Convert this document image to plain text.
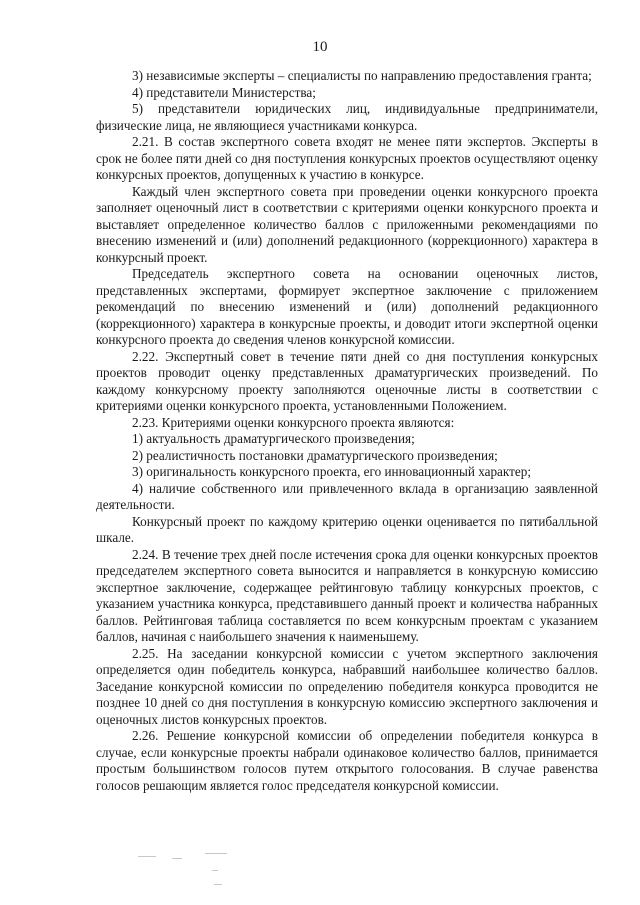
10

3) независимые эксперты – специалисты по направлению предоставления гранта;

4) представители Министерства;

5) представители юридических лиц, индивидуальные предприниматели, физические лица, не являющиеся участниками конкурса.

2.21. В состав экспертного совета входят не менее пяти экспертов. Эксперты в срок не более пяти дней со дня поступления конкурсных проектов осуществляют оценку конкурсных проектов, допущенных к участию в конкурсе.

Каждый член экспертного совета при проведении оценки конкурсного проекта заполняет оценочный лист в соответствии с критериями оценки конкурсного проекта и выставляет определенное количество баллов с приложенными рекомендациями по внесению изменений и (или) дополнений редакционного (коррекционного) характера в конкурсный проект.

Председатель экспертного совета на основании оценочных листов, представленных экспертами, формирует экспертное заключение с приложением рекомендаций по внесению изменений и (или) дополнений редакционного (коррекционного) характера в конкурсные проекты, и доводит итоги экспертной оценки конкурсного проекта до сведения членов конкурсной комиссии.

2.22. Экспертный совет в течение пяти дней со дня поступления конкурсных проектов проводит оценку представленных драматургических произведений. По каждому конкурсному проекту заполняются оценочные листы в соответствии с критериями оценки конкурсного проекта, установленными Положением.

2.23. Критериями оценки конкурсного проекта являются:

1) актуальность драматургического произведения;

2) реалистичность постановки драматургического произведения;

3) оригинальность конкурсного проекта, его инновационный характер;

4) наличие собственного или привлеченного вклада в организацию заявленной деятельности.

Конкурсный проект по каждому критерию оценки оценивается по пятибалльной шкале.

2.24. В течение трех дней после истечения срока для оценки конкурсных проектов председателем экспертного совета выносится и направляется в конкурсную комиссию экспертное заключение, содержащее рейтинговую таблицу конкурсных проектов, с указанием участника конкурса, представившего данный проект и количества набранных баллов. Рейтинговая таблица составляется по всем конкурсным проектам с указанием баллов, начиная с наибольшего значения к наименьшему.

2.25. На заседании конкурсной комиссии с учетом экспертного заключения определяется один победитель конкурса, набравший наибольшее количество баллов. Заседание конкурсной комиссии по определению победителя конкурса проводится не позднее 10 дней со дня поступления в конкурсную комиссию экспертного заключения и оценочных листов конкурсных проектов.

2.26. Решение конкурсной комиссии об определении победителя конкурса в случае, если конкурсные проекты набрали одинаковое количество баллов, принимается простым большинством голосов путем открытого голосования. В случае равенства голосов решающим является голос председателя конкурсной комиссии.
